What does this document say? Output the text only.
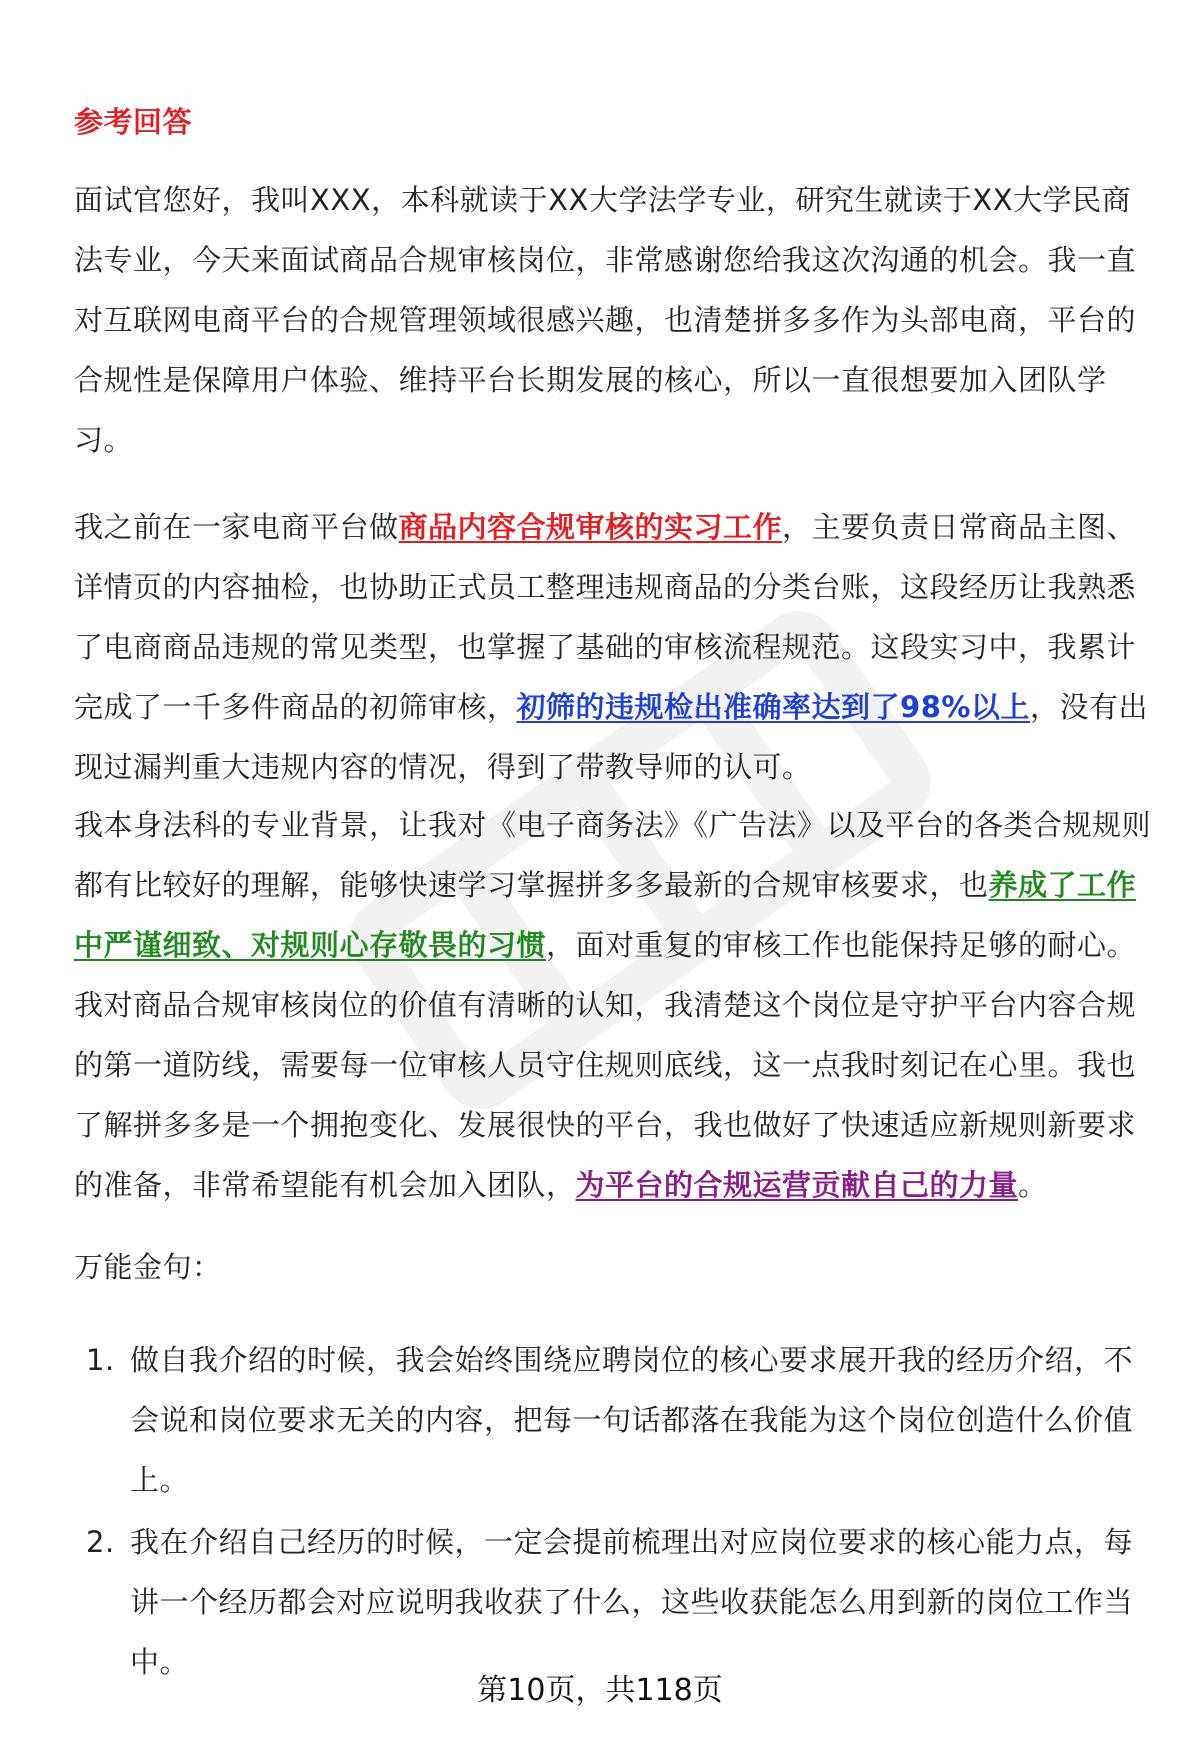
参考回答
面试官您好，我叫XXX，本科就读于XX大学法学专业，研究生就读于XX大学民商法专业，今天来面试商品合规审核岗位，非常感谢您给我这次沟通的机会。我一直对互联网电商平台的合规管理领域很感兴趣，也清楚拼多多作为头部电商，平台的合规性是保障用户体验、维持平台长期发展的核心，所以一直很想要加入团队学习。
我之前在一家电商平台做商品内容合规审核的实习工作，主要负责日常商品主图、详情页的内容抽检，也协助正式员工整理违规商品的分类台账，这段经历让我熟悉了电商商品违规的常见类型，也掌握了基础的审核流程规范。这段实习中，我累计完成了一千多件商品的初筛审核，初筛的违规检出准确率达到了98%以上，没有出现过漏判重大违规内容的情况，得到了带教导师的认可。
我本身法科的专业背景，让我对《电子商务法》《广告法》以及平台的各类合规规则都有比较好的理解，能够快速学习掌握拼多多最新的合规审核要求，也养成了工作中严谨细致、对规则心存敬畏的习惯，面对重复的审核工作也能保持足够的耐心。我对商品合规审核岗位的价值有清晰的认知，我清楚这个岗位是守护平台内容合规的第一道防线，需要每一位审核人员守住规则底线，这一点我时刻记在心里。我也了解拼多多是一个拥抱变化、发展很快的平台，我也做好了快速适应新规则新要求的准备，非常希望能有机会加入团队，为平台的合规运营贡献自己的力量。
万能金句：
1. 做自我介绍的时候，我会始终围绕应聘岗位的核心要求展开我的经历介绍，不会说和岗位要求无关的内容，把每一句话都落在我能为这个岗位创造什么价值上。
2. 我在介绍自己经历的时候，一定会提前梳理出对应岗位要求的核心能力点，每讲一个经历都会对应说明我收获了什么，这些收获能怎么用到新的岗位工作当中。
第10页，共118页
